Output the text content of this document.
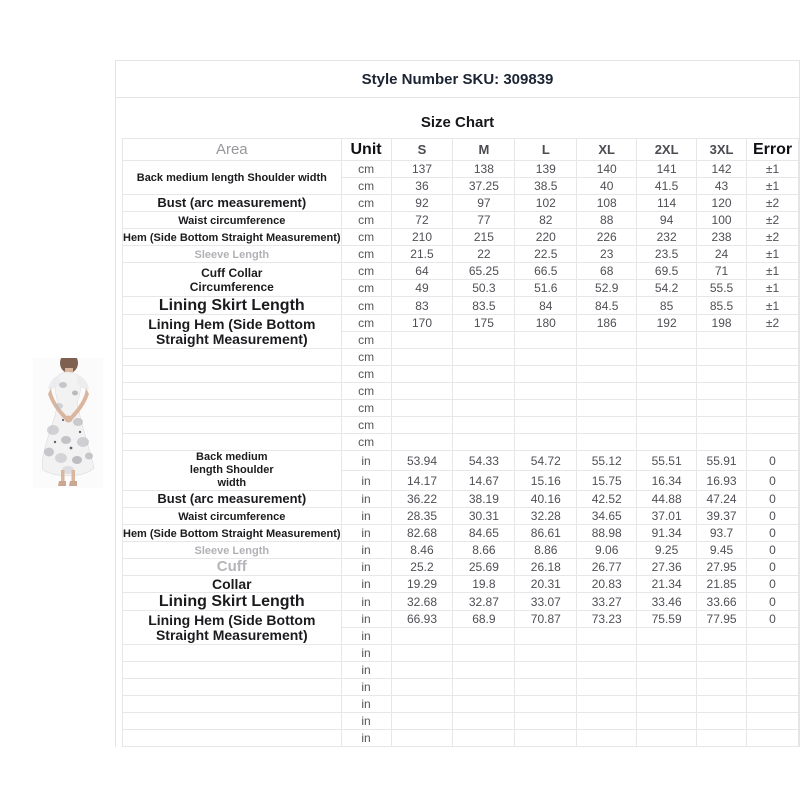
Style Number SKU: 309839
Size Chart
Area	Unit	S	M	L	XL	2XL	3XL	Error
Back medium length Shoulder width	cm	137	138	139	140	141	142	±1
	cm	36	37.25	38.5	40	41.5	43	±1
Bust (arc measurement)	cm	92	97	102	108	114	120	±2
Waist circumference	cm	72	77	82	88	94	100	±2
Hem (Side Bottom Straight Measurement)	cm	210	215	220	226	232	238	±2
Sleeve Length	cm	21.5	22	22.5	23	23.5	24	±1
Cuff Collar Circumference	cm	64	65.25	66.5	68	69.5	71	±1
	cm	49	50.3	51.6	52.9	54.2	55.5	±1
Lining Skirt Length	cm	83	83.5	84	84.5	85	85.5	±1
Lining Hem (Side Bottom Straight Measurement)	cm	170	175	180	186	192	198	±2
	cm							
	cm							
	cm							
	cm							
	cm							
	cm							
	cm							
Back medium length Shoulder width	in	53.94	54.33	54.72	55.12	55.51	55.91	0
	in	14.17	14.67	15.16	15.75	16.34	16.93	0
Bust (arc measurement)	in	36.22	38.19	40.16	42.52	44.88	47.24	0
Waist circumference	in	28.35	30.31	32.28	34.65	37.01	39.37	0
Hem (Side Bottom Straight Measurement)	in	82.68	84.65	86.61	88.98	91.34	93.7	0
Sleeve Length	in	8.46	8.66	8.86	9.06	9.25	9.45	0
Cuff	in	25.2	25.69	26.18	26.77	27.36	27.95	0
Collar	in	19.29	19.8	20.31	20.83	21.34	21.85	0
Lining Skirt Length	in	32.68	32.87	33.07	33.27	33.46	33.66	0
Lining Hem (Side Bottom Straight Measurement)	in	66.93	68.9	70.87	73.23	75.59	77.95	0
	in							
	in							
	in							
	in							
	in							
	in							
	in							
